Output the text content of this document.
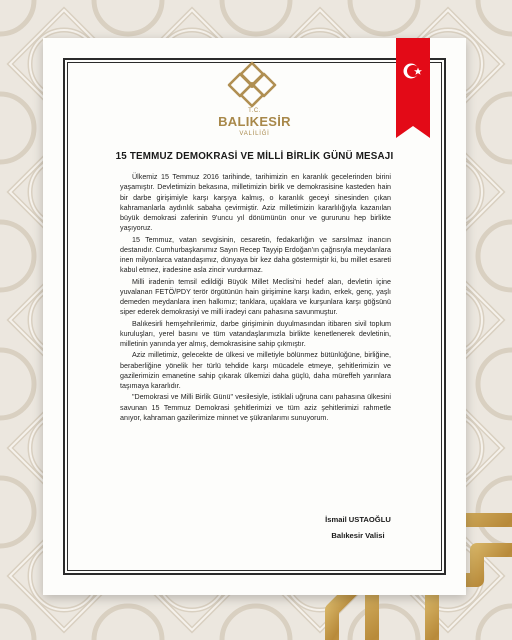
T.C.
BALIKESİR
VALİLİĞİ
15 TEMMUZ DEMOKRASİ VE MİLLİ BİRLİK GÜNÜ MESAJI

Ülkemiz 15 Temmuz 2016 tarihinde, tarihimizin en karanlık gecelerinden birini yaşamıştır. Devletimizin bekasına, milletimizin birlik ve demokrasisine kasteden hain bir darbe girişimiyle karşı karşıya kalmış, o karanlık geceyi sinesinden çıkan kahramanlarla aydınlık sabaha çevirmiştir. Aziz milletimizin kararlılığıyla kazanılan büyük demokrasi zaferinin 9'uncu yıl dönümünün onur ve gururunu hep birlikte yaşıyoruz.

15 Temmuz, vatan sevgisinin, cesaretin, fedakarlığın ve sarsılmaz inancın destanıdır. Cumhurbaşkanımız Sayın Recep Tayyip Erdoğan'ın çağrısıyla meydanlara inen milyonlarca vatandaşımız, dünyaya bir kez daha göstermiştir ki, bu millet esareti kabul etmez, iradesine asla zincir vurdurmaz.

Milli iradenin temsil edildiği Büyük Millet Meclisi'ni hedef alan, devletin içine yuvalanan FETÖ/PDY terör örgütünün hain girişimine karşı kadın, erkek, genç, yaşlı demeden meydanlara inen halkımız; tanklara, uçaklara ve kurşunlara karşı göğsünü siper ederek demokrasiyi ve milli iradeyi canı pahasına savunmuştur.

Balıkesirli hemşehrilerimiz, darbe girişiminin duyulmasından itibaren sivil toplum kuruluşları, yerel basını ve tüm vatandaşlarımızla birlikte kenetlenerek devletinin, milletinin yanında yer almış, demokrasisine sahip çıkmıştır.

Aziz milletimiz, gelecekte de ülkesi ve milletiyle bölünmez bütünlüğüne, birliğine, beraberliğine yönelik her türlü tehdide karşı mücadele etmeye, şehitlerimizin ve gazilerimizin emanetine sahip çıkarak ülkemizi daha güçlü, daha müreffeh yarınlara taşımaya kararlıdır.

"Demokrasi ve Milli Birlik Günü" vesilesiyle, istiklali uğruna canı pahasına ülkesini savunan 15 Temmuz Demokrasi şehitlerimizi ve tüm aziz şehitlerimizi rahmetle anıyor, kahraman gazilerimize minnet ve şükranlarımı sunuyorum.

İsmail USTAOĞLU
Balıkesir Valisi
